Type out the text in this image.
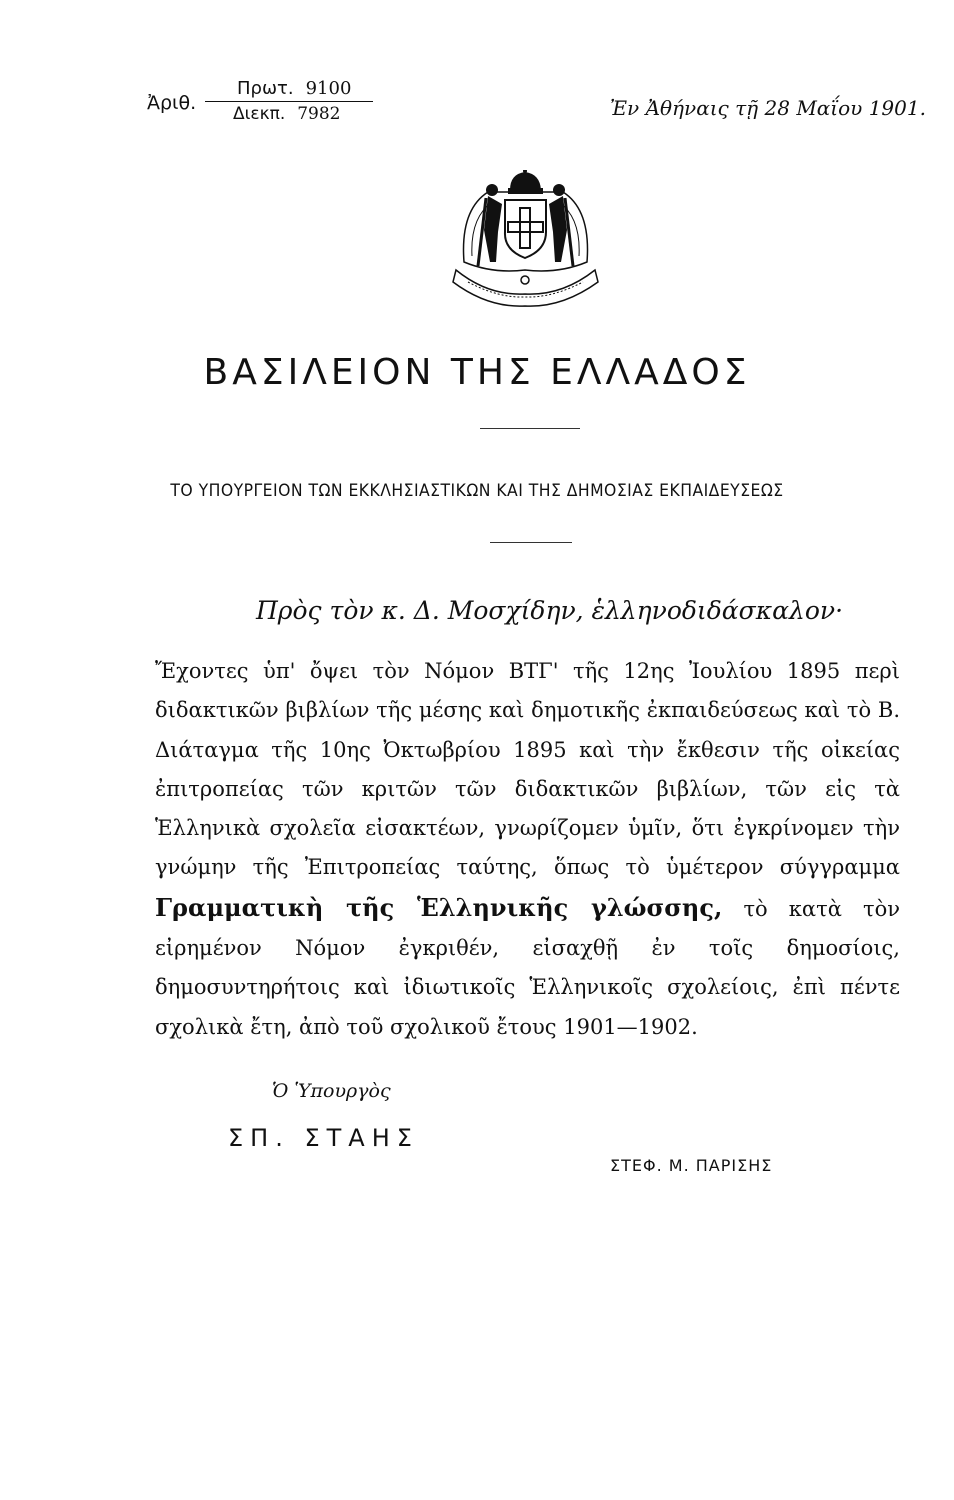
Ἀριθ.
Πρωτ. 9100
Διεκπ. 7982	Ἐν Ἀθήναις τῇ 28 Μαΐου 1901.
ΒΑΣΙΛΕΙΟΝ ΤΗΣ ΕΛΛΑΔΟΣ
ΤΟ ΥΠΟΥΡΓΕΙΟΝ ΤΩΝ ΕΚΚΛΗΣΙΑΣΤΙΚΩΝ ΚΑΙ ΤΗΣ ΔΗΜΟΣΙΑΣ ΕΚΠΑΙΔΕΥΣΕΩΣ
Πρὸς τὸν κ. Δ. Μοσχίδην, ἑλληνοδιδάσκαλον·

Ἔχοντες ὑπ' ὄψει τὸν Νόμον ΒΤΓ' τῆς 12ης Ἰουλίου 1895 περὶ διδακτικῶν βιβλίων τῆς μέσης καὶ δημοτικῆς ἐκπαιδεύσεως καὶ τὸ Β. Διάταγμα τῆς 10ης Ὀκτωβρίου 1895 καὶ τὴν ἔκθεσιν τῆς οἰκείας ἐπιτροπείας τῶν κριτῶν τῶν διδακτικῶν βιβλίων, τῶν εἰς τὰ Ἑλληνικὰ σχολεῖα εἰσακτέων, γνωρίζομεν ὑμῖν, ὅτι ἐγκρίνομεν τὴν γνώμην τῆς Ἐπιτροπείας ταύτης, ὅπως τὸ ὑμέτερον σύγγραμμα Γραμματικὴ τῆς Ἑλληνικῆς γλώσσης, τὸ κατὰ τὸν εἰρημένον Νόμον ἐγκριθέν, εἰσαχθῇ ἐν τοῖς δημοσίοις, δημοσυντηρήτοις καὶ ἰδιωτικοῖς Ἑλληνικοῖς σχολείοις, ἐπὶ πέντε σχολικὰ ἔτη, ἀπὸ τοῦ σχολικοῦ ἔτους 1901—1902.

Ὁ Ὑπουργὸς
ΣΠ. ΣΤΑΗΣ
ΣΤΕΦ. Μ. ΠΑΡΙΣΗΣ
